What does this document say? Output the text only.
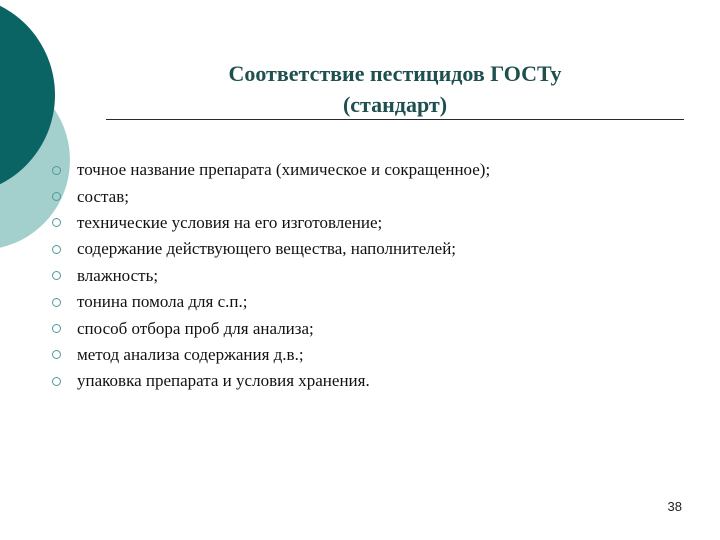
Соответствие пестицидов ГОСТу
(стандарт)
точное название препарата (химическое и сокращенное);
состав;
технические условия на его изготовление;
содержание действующего вещества, наполнителей;
влажность;
тонина помола для с.п.;
способ отбора проб для анализа;
метод анализа содержания д.в.;
упаковка препарата и условия хранения.
38
